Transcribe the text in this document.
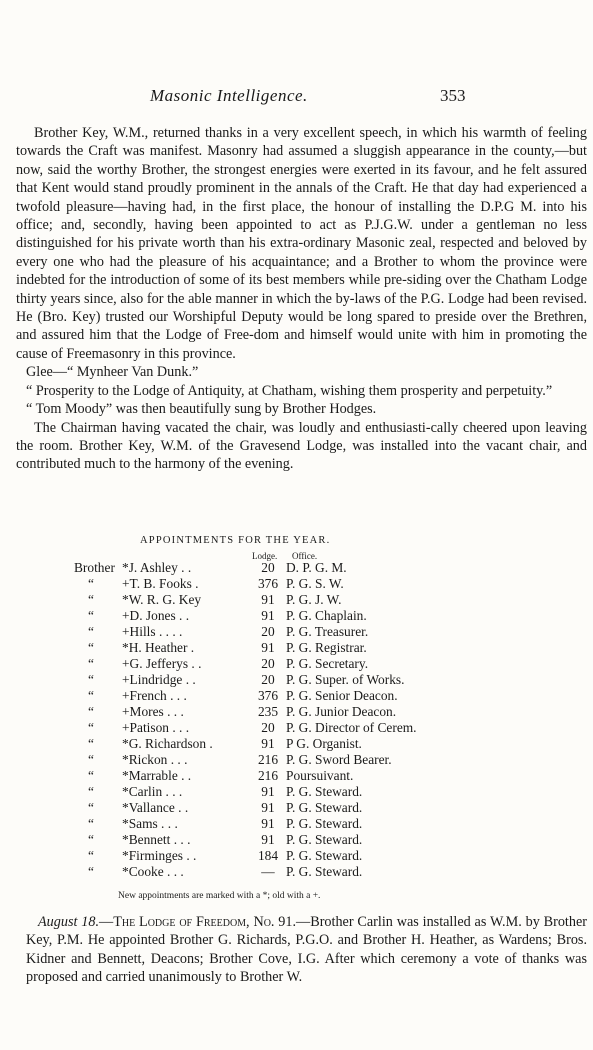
Masonic Intelligence.	353

Brother Key, W.M., returned thanks in a very excellent speech, in which his warmth of feeling towards the Craft was manifest. Masonry had assumed a sluggish appearance in the county,—but now, said the worthy Brother, the strongest energies were exerted in its favour, and he felt assured that Kent would stand proudly prominent in the annals of the Craft. He that day had experienced a twofold pleasure—having had, in the first place, the honour of installing the D.P.G M. into his office; and, secondly, having been appointed to act as P.J.G.W. under a gentleman no less distinguished for his private worth than his extra-ordinary Masonic zeal, respected and beloved by every one who had the pleasure of his acquaintance; and a Brother to whom the province were indebted for the introduction of some of its best members while pre-siding over the Chatham Lodge thirty years since, also for the able manner in which the by-laws of the P.G. Lodge had been revised. He (Bro. Key) trusted our Worshipful Deputy would be long spared to preside over the Brethren, and assured him that the Lodge of Free-dom and himself would unite with him in promoting the cause of Freemasonry in this province.

Glee—“ Mynheer Van Dunk.”

“ Prosperity to the Lodge of Antiquity, at Chatham, wishing them prosperity and perpetuity.”

“ Tom Moody” was then beautifully sung by Brother Hodges.

The Chairman having vacated the chair, was loudly and enthusiasti-cally cheered upon leaving the room. Brother Key, W.M. of the Gravesend Lodge, was installed into the vacant chair, and contributed much to the harmony of the evening.

APPOINTMENTS FOR THE YEAR.
Lodge. Office.
Brother	*J. Ashley . .	20	D. P. G. M.
“	+T. B. Fooks .	376	P. G. S. W.
“	*W. R. G. Key	91	P. G. J. W.
“	+D. Jones . .	91	P. G. Chaplain.
“	+Hills . . . .	20	P. G. Treasurer.
“	*H. Heather .	91	P. G. Registrar.
“	+G. Jefferys . .	20	P. G. Secretary.
“	+Lindridge . .	20	P. G. Super. of Works.
“	+French . . .	376	P. G. Senior Deacon.
“	+Mores . . .	235	P. G. Junior Deacon.
“	+Patison . . .	20	P. G. Director of Cerem.
“	*G. Richardson .	91	P G. Organist.
“	*Rickon . . .	216	P. G. Sword Bearer.
“	*Marrable . .	216	Poursuivant.
“	*Carlin . . .	91	P. G. Steward.
“	*Vallance . .	91	P. G. Steward.
“	*Sams . . .	91	P. G. Steward.
“	*Bennett . . .	91	P. G. Steward.
“	*Firminges . .	184	P. G. Steward.
“	*Cooke . . .	—	P. G. Steward.
New appointments are marked with a *; old with a +.

August 18.—The Lodge of Freedom, No. 91.—Brother Carlin was installed as W.M. by Brother Key, P.M. He appointed Brother G. Richards, P.G.O. and Brother H. Heather, as Wardens; Bros. Kidner and Bennett, Deacons; Brother Cove, I.G. After which ceremony a vote of thanks was proposed and carried unanimously to Brother W.
